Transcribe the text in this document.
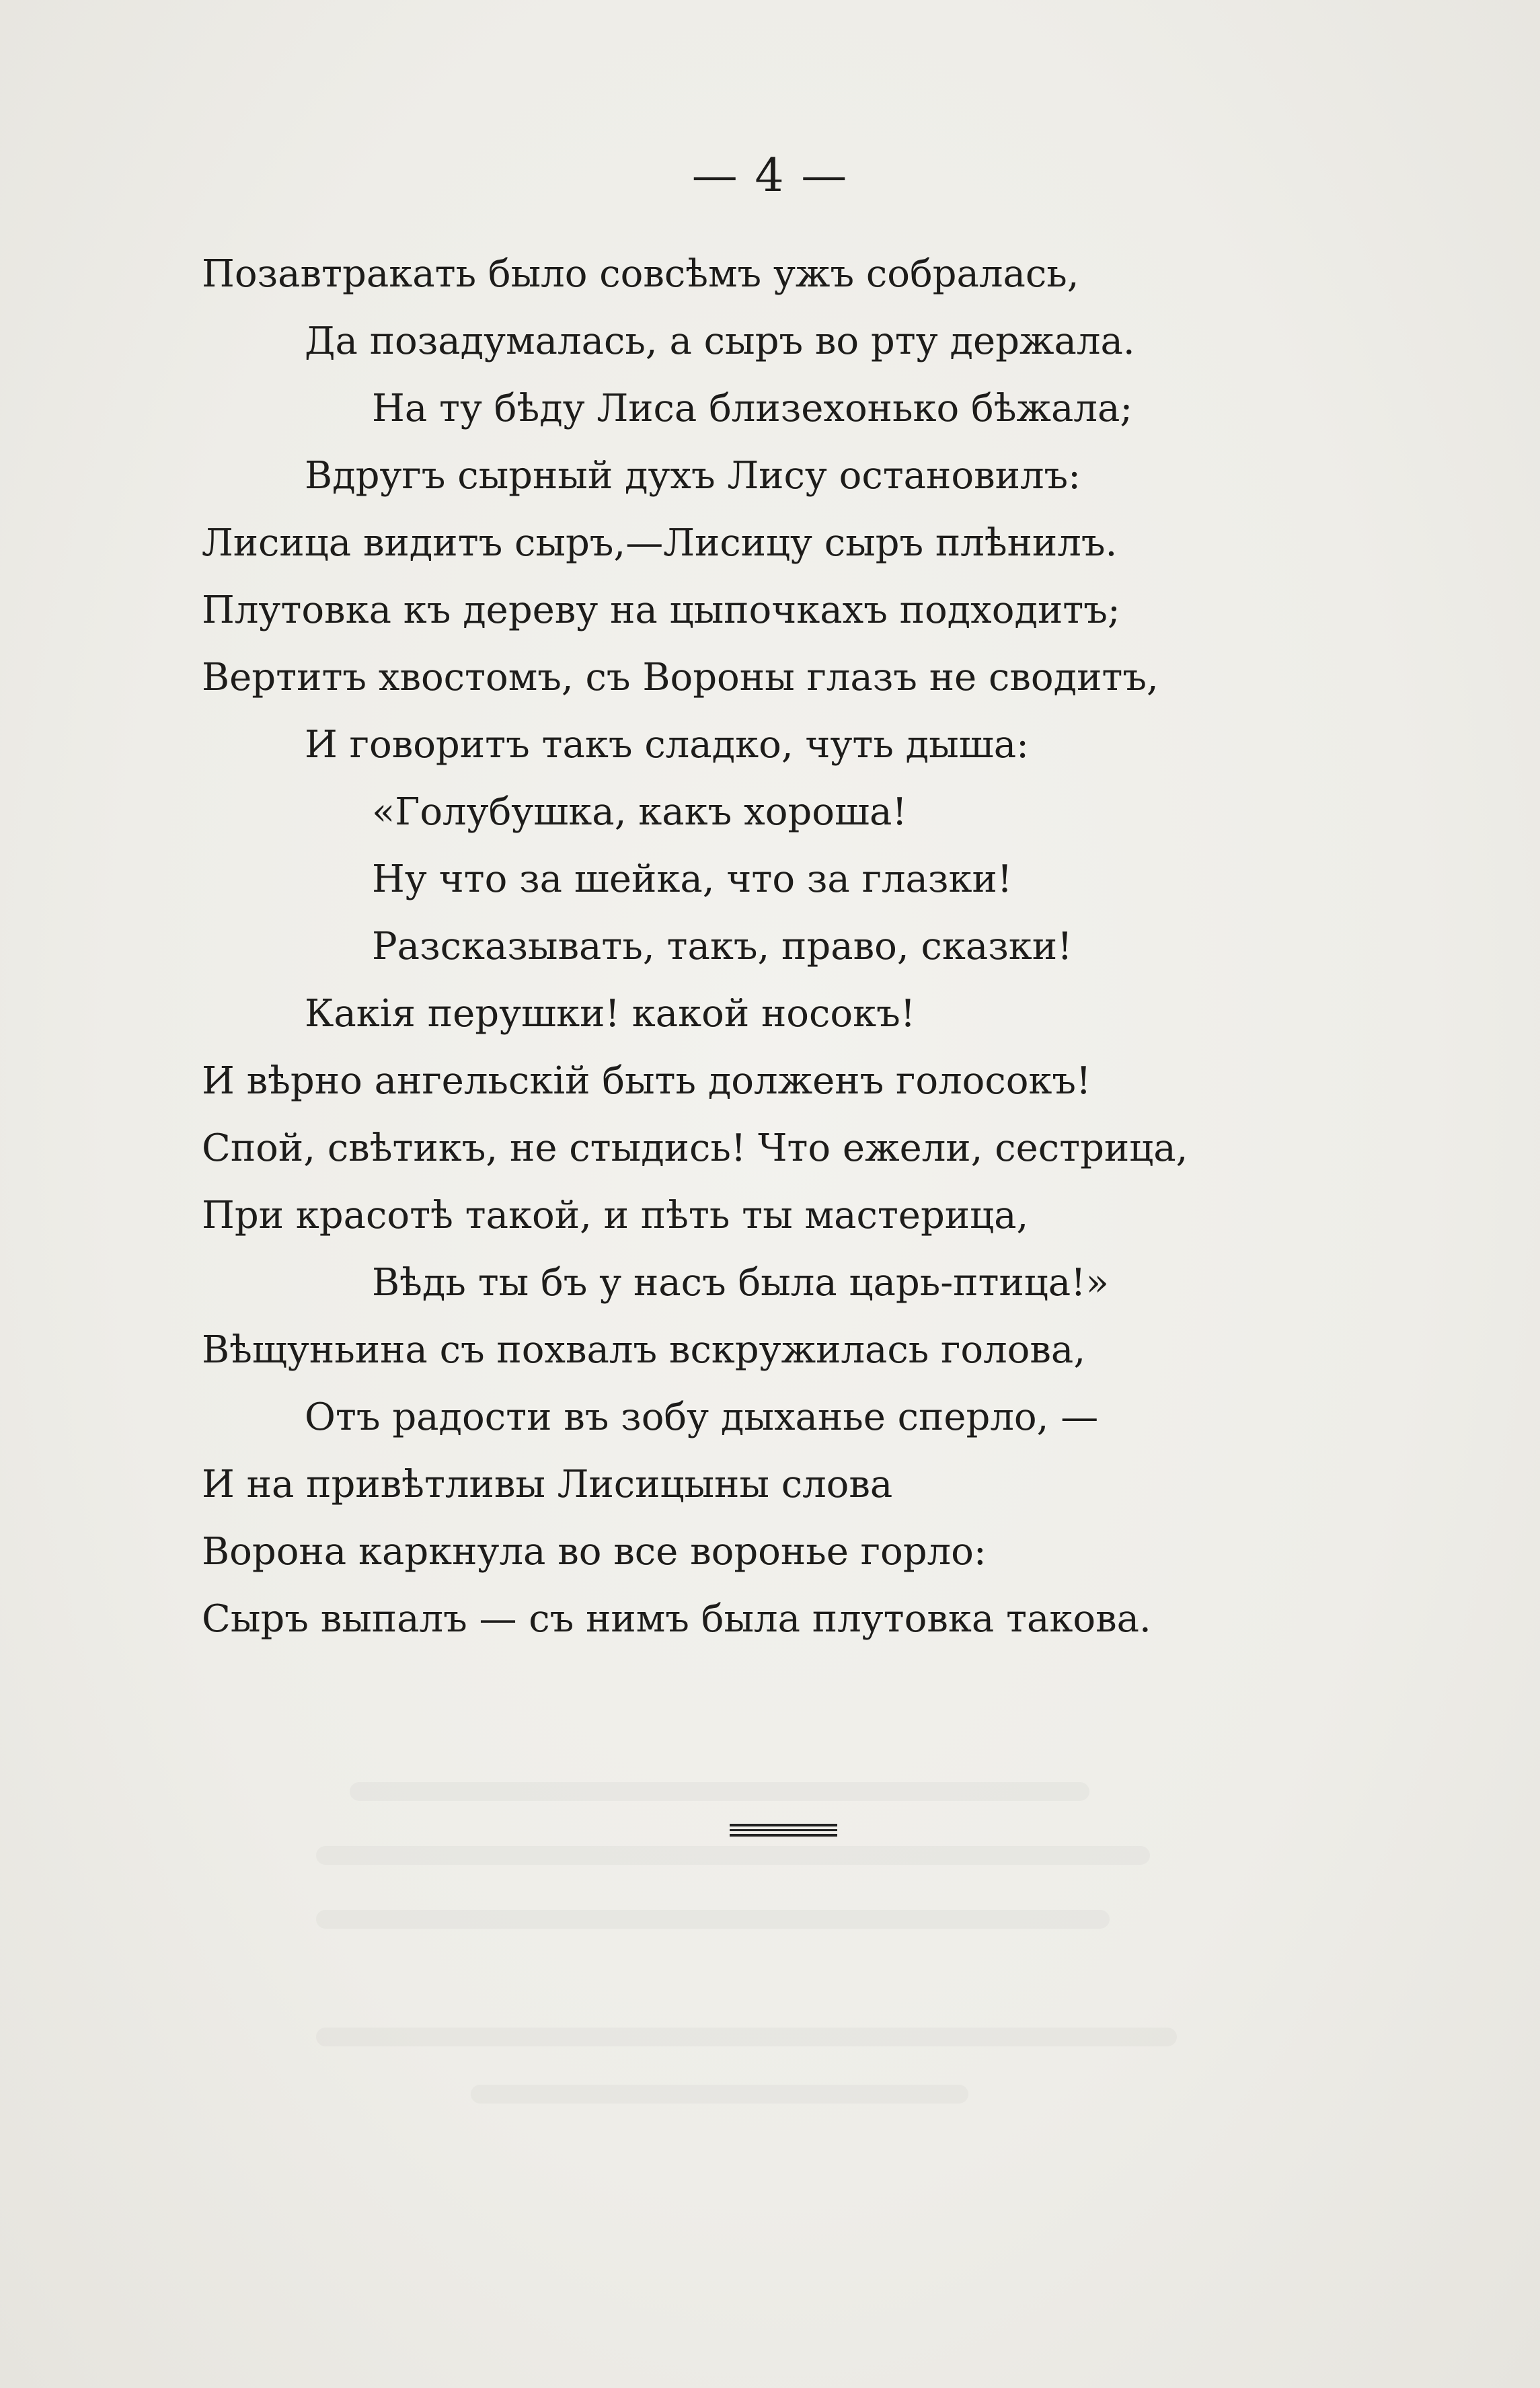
— 4 —
Позавтракать было совсѣмъ ужъ собралась,
Да позадумалась, а сыръ во рту держала.
На ту бѣду Лиса близехонько бѣжала;
Вдругъ сырный духъ Лису остановилъ:
Лисица видитъ сыръ,—Лисицу сыръ плѣнилъ.
Плутовка къ дереву на цыпочкахъ подходитъ;
Вертитъ хвостомъ, съ Вороны глазъ не сводитъ,
И говоритъ такъ сладко, чуть дыша:
«Голубушка, какъ хороша!
Ну что за шейка, что за глазки!
Разсказывать, такъ, право, сказки!
Какія перушки! какой носокъ!
И вѣрно ангельскій быть долженъ голосокъ!
Спой, свѣтикъ, не стыдись! Что ежели, сестрица,
При красотѣ такой, и пѣть ты мастерица,
Вѣдь ты бъ у насъ была царь-птица!»
Вѣщуньина съ похвалъ вскружилась голова,
Отъ радости въ зобу дыханье сперло, —
И на привѣтливы Лисицыны слова
Ворона каркнула во все воронье горло:
Сыръ выпалъ — съ нимъ была плутовка такова.
